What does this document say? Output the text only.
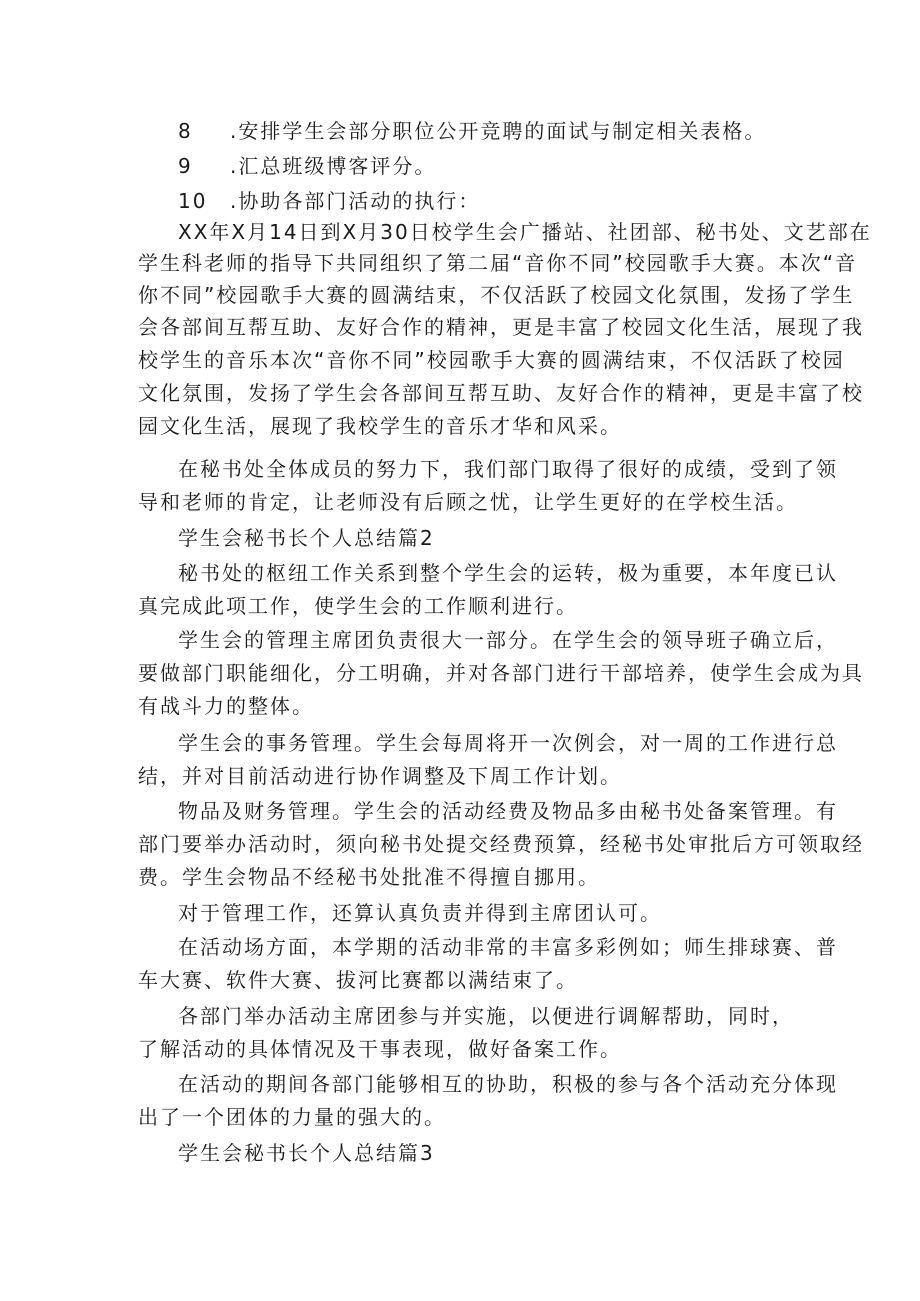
8 .安排学生会部分职位公开竞聘的面试与制定相关表格。
9 .汇总班级博客评分。
10 .协助各部门活动的执行：
XX年X月14日到X月30日校学生会广播站、社团部、秘书处、文艺部在
学生科老师的指导下共同组织了第二届“音你不同”校园歌手大赛。本次“音
你不同”校园歌手大赛的圆满结束，不仅活跃了校园文化氛围，发扬了学生
会各部间互帮互助、友好合作的精神，更是丰富了校园文化生活，展现了我
校学生的音乐本次“音你不同”校园歌手大赛的圆满结束，不仅活跃了校园
文化氛围，发扬了学生会各部间互帮互助、友好合作的精神，更是丰富了校
园文化生活，展现了我校学生的音乐才华和风采。
在秘书处全体成员的努力下，我们部门取得了很好的成绩，受到了领
导和老师的肯定，让老师没有后顾之忧，让学生更好的在学校生活。
学生会秘书长个人总结篇2
秘书处的枢纽工作关系到整个学生会的运转，极为重要，本年度已认
真完成此项工作，使学生会的工作顺利进行。
学生会的管理主席团负责很大一部分。在学生会的领导班子确立后，
要做部门职能细化，分工明确，并对各部门进行干部培养，使学生会成为具
有战斗力的整体。
学生会的事务管理。学生会每周将开一次例会，对一周的工作进行总
结，并对目前活动进行协作调整及下周工作计划。
物品及财务管理。学生会的活动经费及物品多由秘书处备案管理。有
部门要举办活动时，须向秘书处提交经费预算，经秘书处审批后方可领取经
费。学生会物品不经秘书处批准不得擅自挪用。
对于管理工作，还算认真负责并得到主席团认可。
在活动场方面，本学期的活动非常的丰富多彩例如；师生排球赛、普
车大赛、软件大赛、拔河比赛都以满结束了。
各部门举办活动主席团参与并实施，以便进行调解帮助，同时，
了解活动的具体情况及干事表现，做好备案工作。
在活动的期间各部门能够相互的协助，积极的参与各个活动充分体现
出了一个团体的力量的强大的。
学生会秘书长个人总结篇3
